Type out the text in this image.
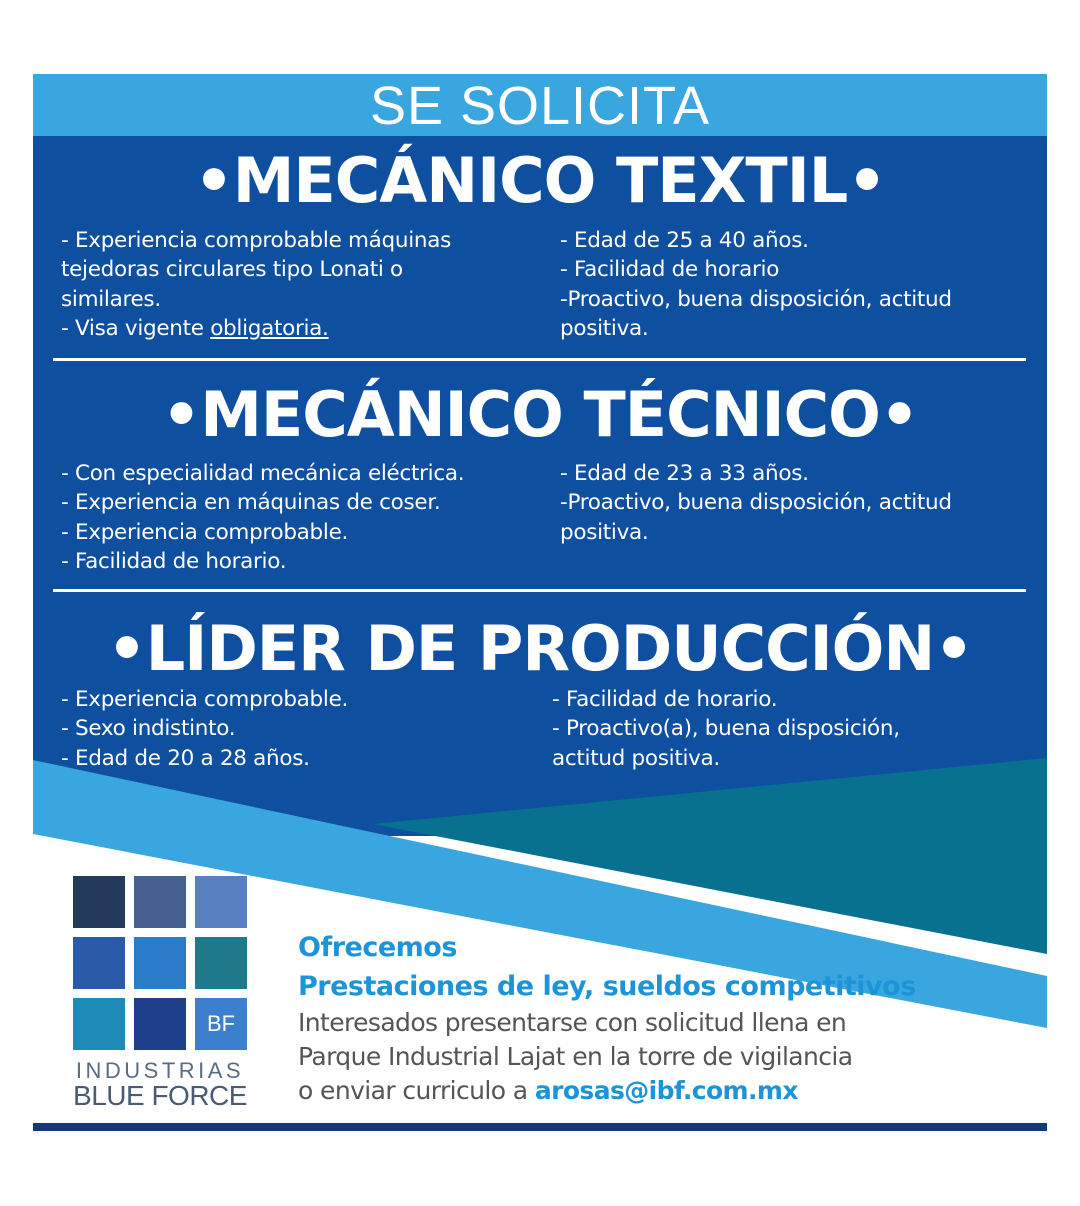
SE SOLICITA
•MECÁNICO TEXTIL•
- Experiencia comprobable máquinas
tejedoras circulares tipo Lonati o
similares.
- Visa vigente obligatoria.
- Edad de 25 a 40 años.
- Facilidad de horario
-Proactivo, buena disposición, actitud
positiva.
•MECÁNICO TÉCNICO•
- Con especialidad mecánica eléctrica.
- Experiencia en máquinas de coser.
- Experiencia comprobable.
- Facilidad de horario.
- Edad de 23 a 33 años.
-Proactivo, buena disposición, actitud
positiva.
•LÍDER DE PRODUCCIÓN•
- Experiencia comprobable.
- Sexo indistinto.
- Edad de 20 a 28 años.
- Facilidad de horario.
- Proactivo(a), buena disposición,
actitud positiva.
BF
INDUSTRIAS
BLUE FORCE
Ofrecemos
Prestaciones de ley, sueldos competitivos
Interesados presentarse con solicitud llena en
Parque Industrial Lajat en la torre de vigilancia
o enviar curriculo a arosas@ibf.com.mx
